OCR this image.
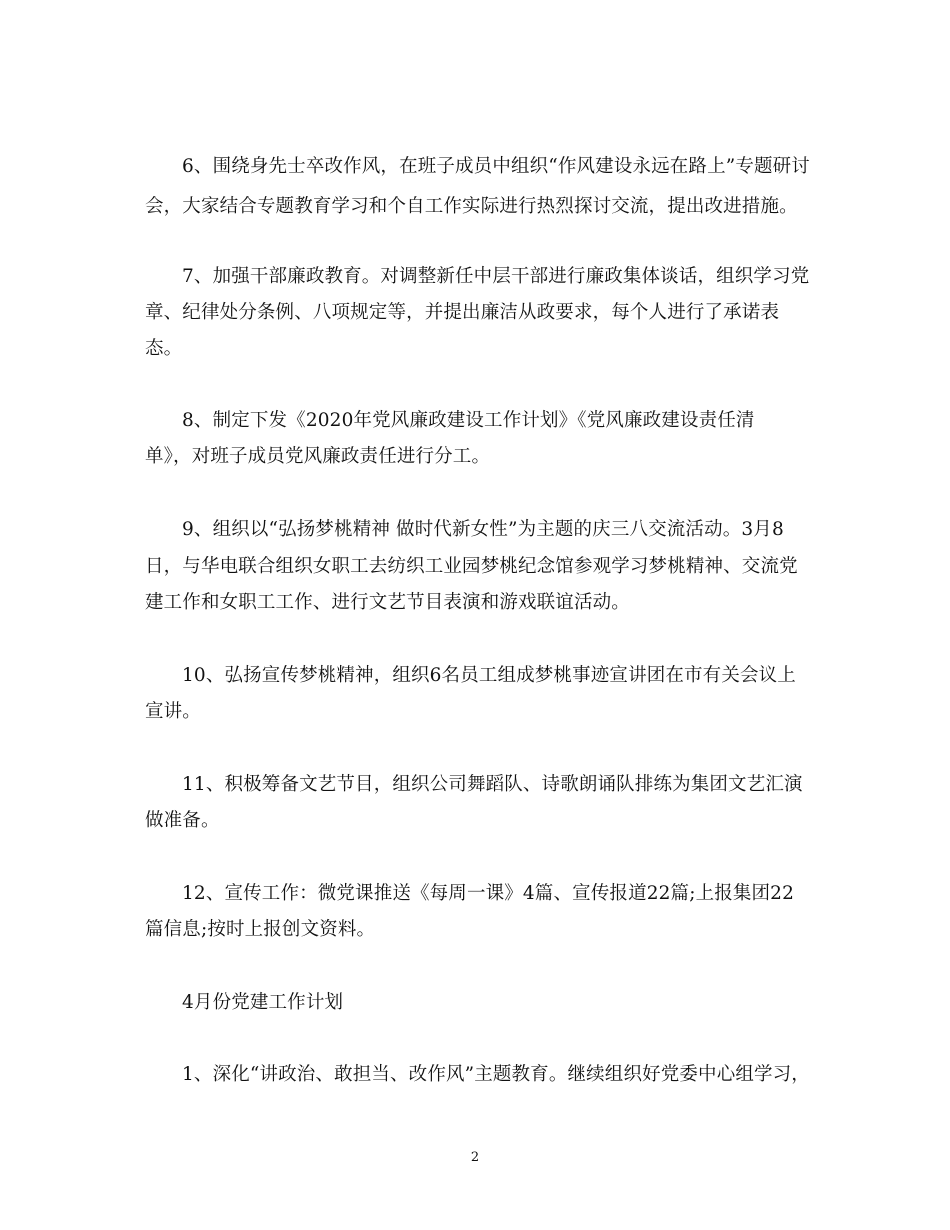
6、围绕身先士卒改作风，在班子成员中组织“作风建设永远在路上”专题研讨
会，大家结合专题教育学习和个自工作实际进行热烈探讨交流，提出改进措施。
7、加强干部廉政教育。对调整新任中层干部进行廉政集体谈话，组织学习党
章、纪律处分条例、八项规定等，并提出廉洁从政要求，每个人进行了承诺表
态。
8、制定下发《2020年党风廉政建设工作计划》《党风廉政建设责任清
单》，对班子成员党风廉政责任进行分工。
9、组织以“弘扬梦桃精神 做时代新女性”为主题的庆三八交流活动。3月8
日，与华电联合组织女职工去纺织工业园梦桃纪念馆参观学习梦桃精神、交流党
建工作和女职工工作、进行文艺节目表演和游戏联谊活动。
10、弘扬宣传梦桃精神，组织6名员工组成梦桃事迹宣讲团在市有关会议上
宣讲。
11、积极筹备文艺节目，组织公司舞蹈队、诗歌朗诵队排练为集团文艺汇演
做准备。
12、宣传工作：微党课推送《每周一课》4篇、宣传报道22篇;上报集团22
篇信息;按时上报创文资料。
4月份党建工作计划
1、深化“讲政治、敢担当、改作风”主题教育。继续组织好党委中心组学习，
2
